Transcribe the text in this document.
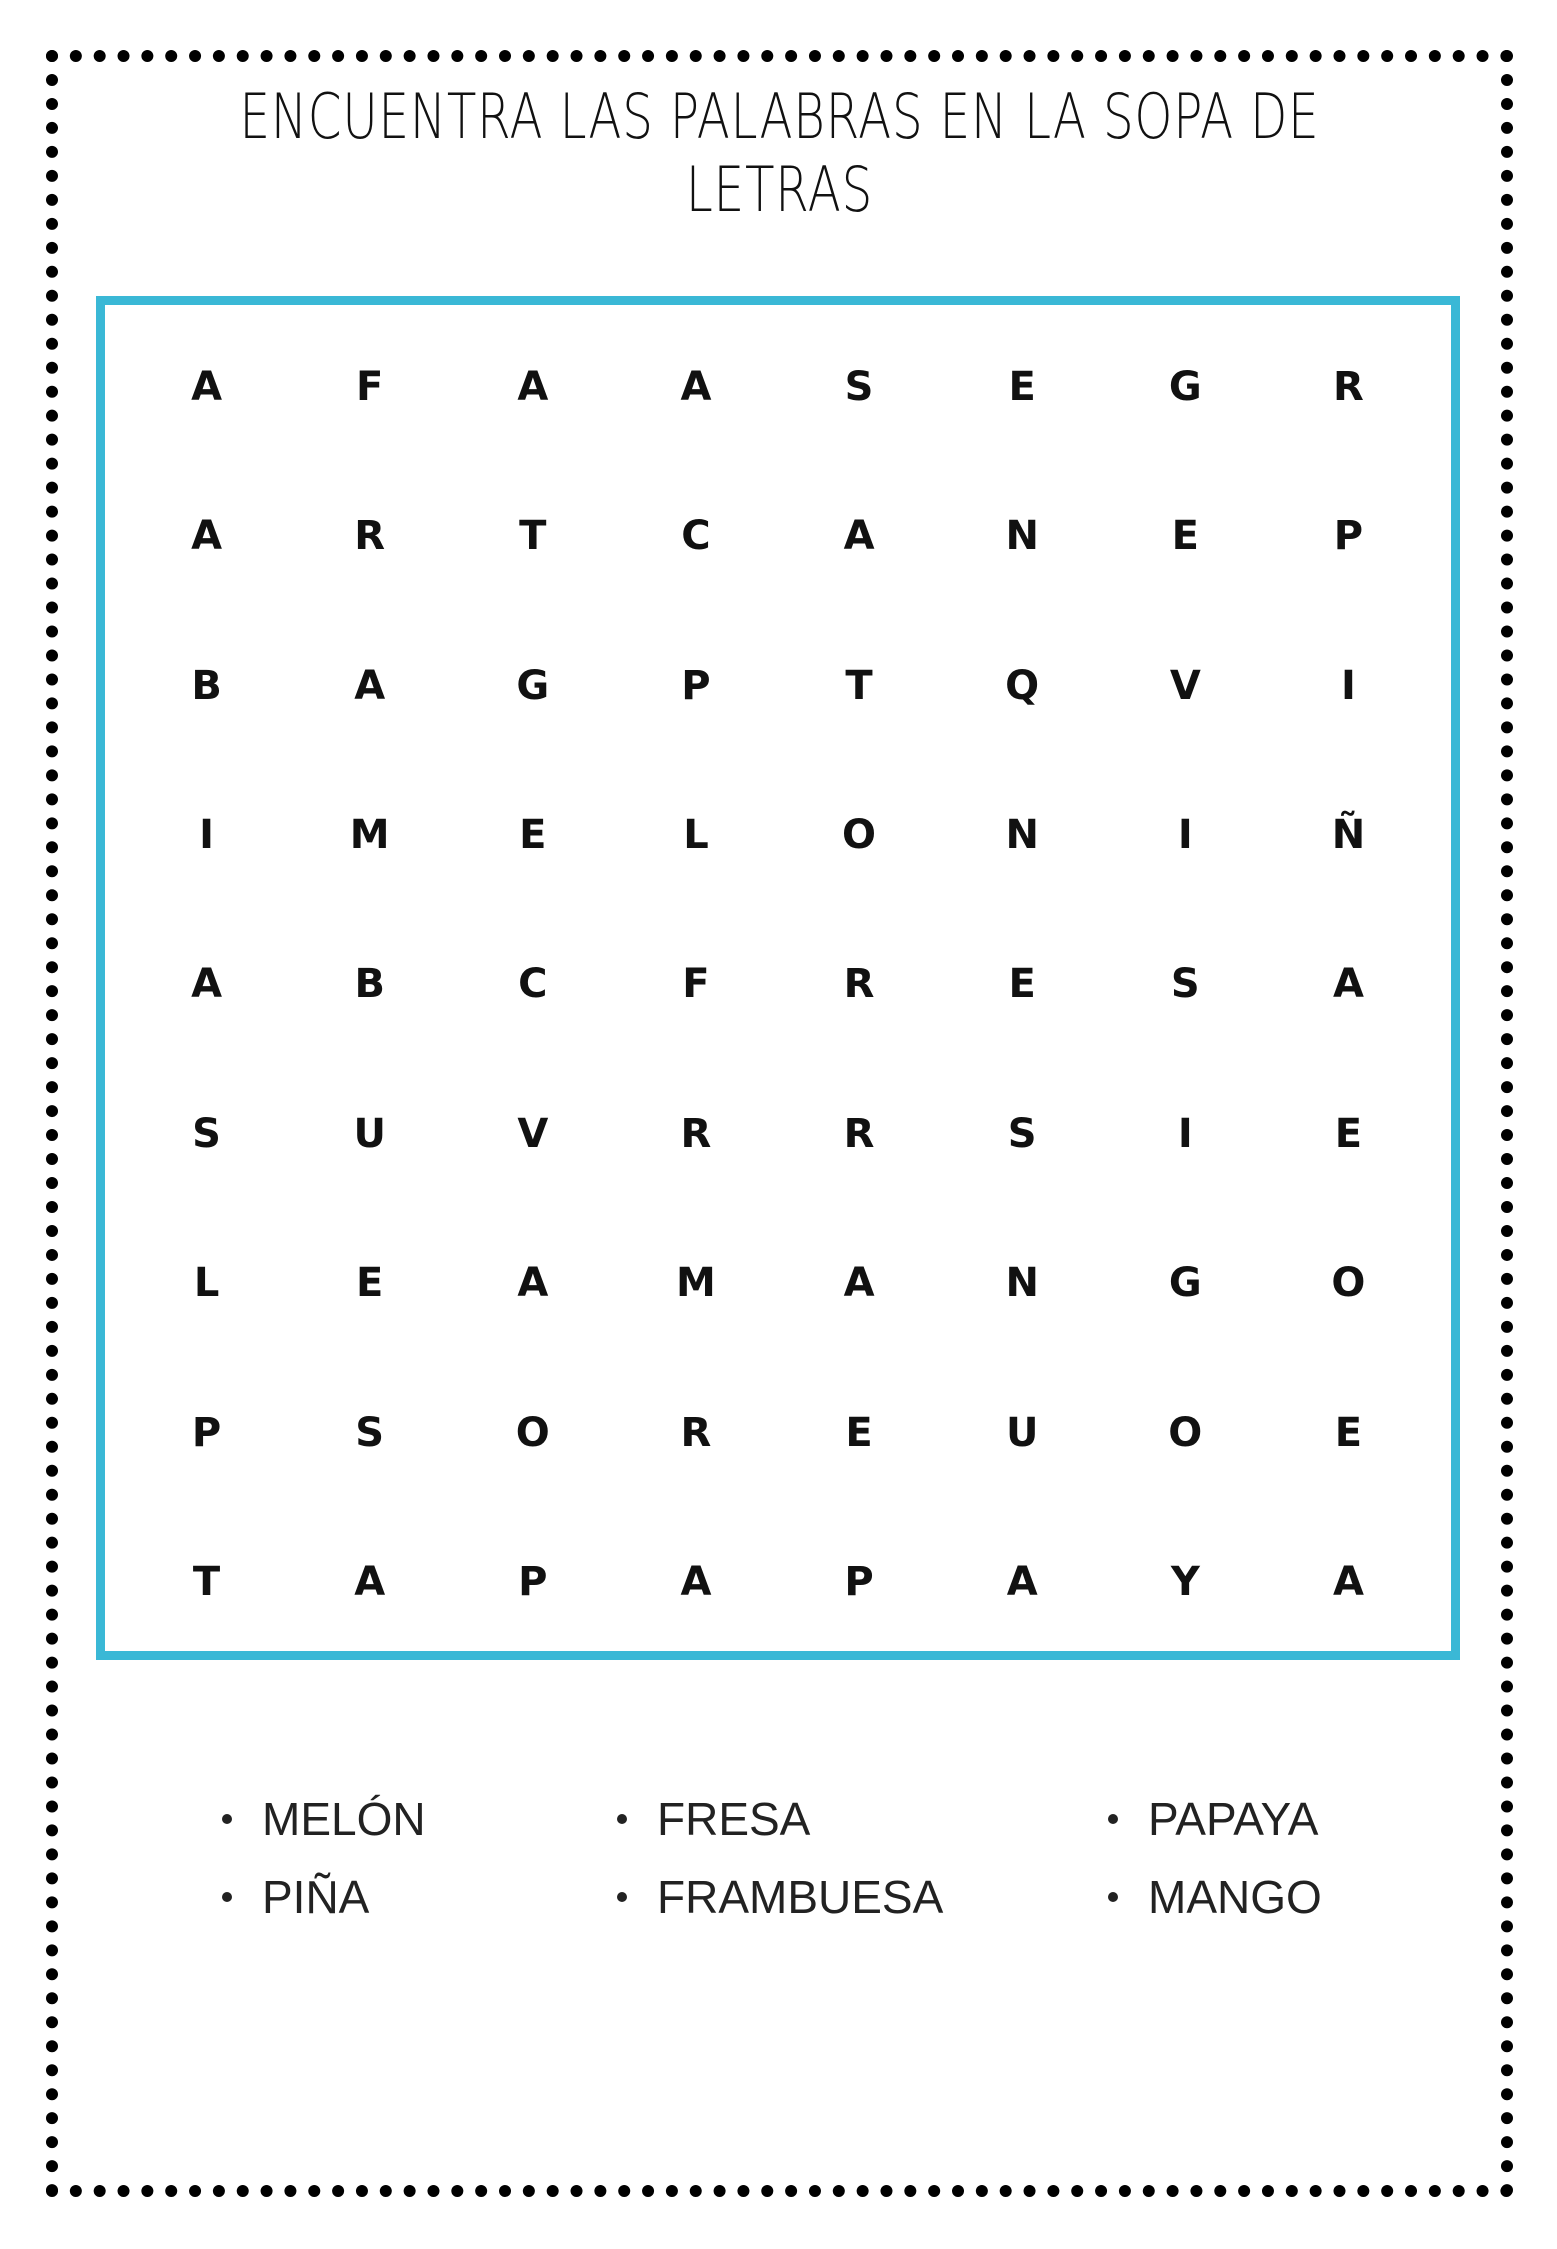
ENCUENTRA LAS PALABRAS EN LA SOPA DE LETRAS
A	F	A	A	S	E	G	R
A	R	T	C	A	N	E	P
B	A	G	P	T	Q	V	I
I	M	E	L	O	N	I	Ñ
A	B	C	F	R	E	S	A
S	U	V	R	R	S	I	E
L	E	A	M	A	N	G	O
P	S	O	R	E	U	O	E
T	A	P	A	P	A	Y	A
MELÓN
PIÑA
FRESA
FRAMBUESA
PAPAYA
MANGO
